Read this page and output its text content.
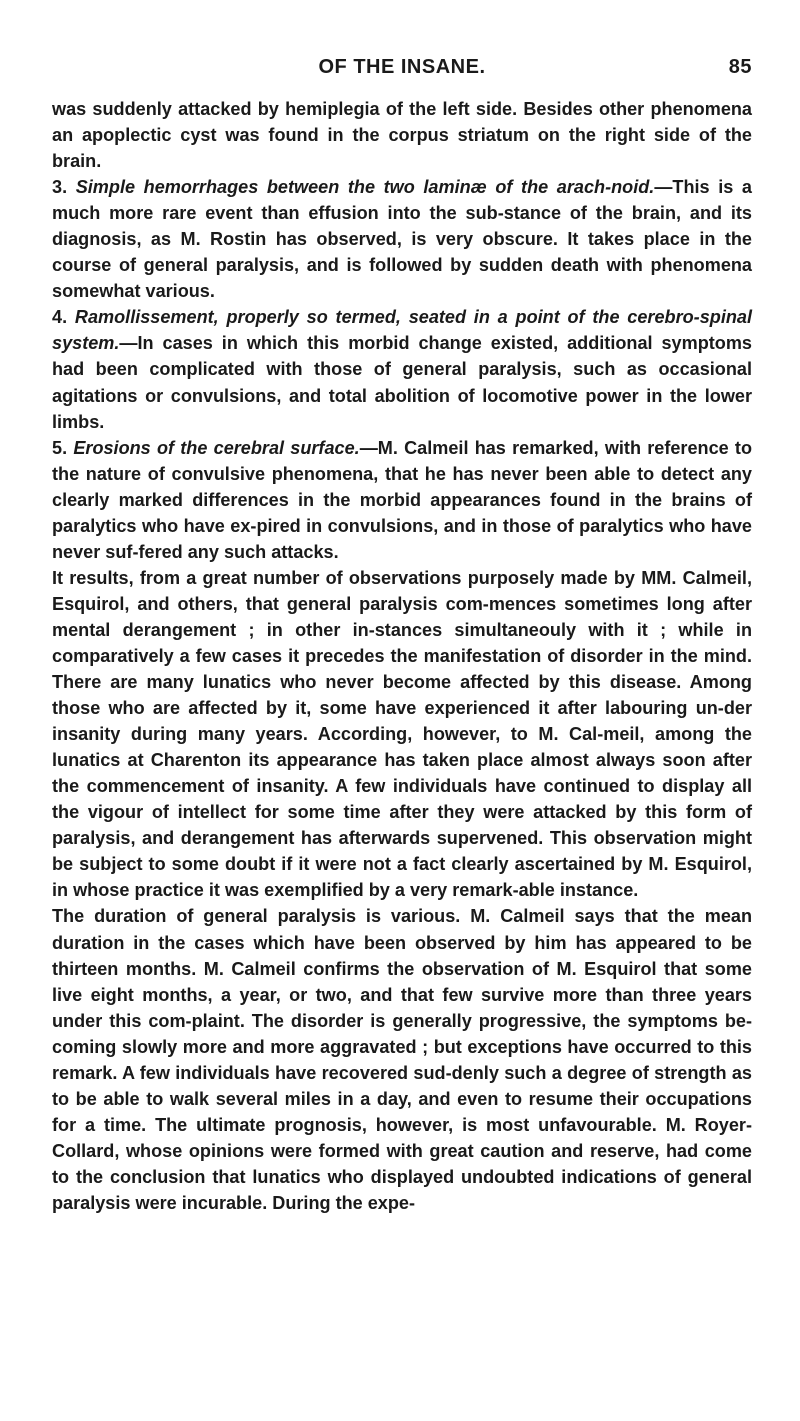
OF THE INSANE.	85

was suddenly attacked by hemiplegia of the left side. Besides other phenomena an apoplectic cyst was found in the corpus striatum on the right side of the brain.

3. Simple hemorrhages between the two laminæ of the arach-noid.—This is a much more rare event than effusion into the sub-stance of the brain, and its diagnosis, as M. Rostin has observed, is very obscure. It takes place in the course of general paralysis, and is followed by sudden death with phenomena somewhat various.

4. Ramollissement, properly so termed, seated in a point of the cerebro-spinal system.—In cases in which this morbid change existed, additional symptoms had been complicated with those of general paralysis, such as occasional agitations or convulsions, and total abolition of locomotive power in the lower limbs.

5. Erosions of the cerebral surface.—M. Calmeil has remarked, with reference to the nature of convulsive phenomena, that he has never been able to detect any clearly marked differences in the morbid appearances found in the brains of paralytics who have ex-pired in convulsions, and in those of paralytics who have never suf-fered any such attacks.

It results, from a great number of observations purposely made by MM. Calmeil, Esquirol, and others, that general paralysis com-mences sometimes long after mental derangement ; in other in-stances simultaneouly with it ; while in comparatively a few cases it precedes the manifestation of disorder in the mind. There are many lunatics who never become affected by this disease. Among those who are affected by it, some have experienced it after labouring un-der insanity during many years. According, however, to M. Cal-meil, among the lunatics at Charenton its appearance has taken place almost always soon after the commencement of insanity. A few individuals have continued to display all the vigour of intellect for some time after they were attacked by this form of paralysis, and derangement has afterwards supervened. This observation might be subject to some doubt if it were not a fact clearly ascertained by M. Esquirol, in whose practice it was exemplified by a very remark-able instance.

The duration of general paralysis is various. M. Calmeil says that the mean duration in the cases which have been observed by him has appeared to be thirteen months. M. Calmeil confirms the observation of M. Esquirol that some live eight months, a year, or two, and that few survive more than three years under this com-plaint. The disorder is generally progressive, the symptoms be-coming slowly more and more aggravated ; but exceptions have occurred to this remark. A few individuals have recovered sud-denly such a degree of strength as to be able to walk several miles in a day, and even to resume their occupations for a time. The ultimate prognosis, however, is most unfavourable. M. Royer-Collard, whose opinions were formed with great caution and reserve, had come to the conclusion that lunatics who displayed undoubted indications of general paralysis were incurable. During the expe-
